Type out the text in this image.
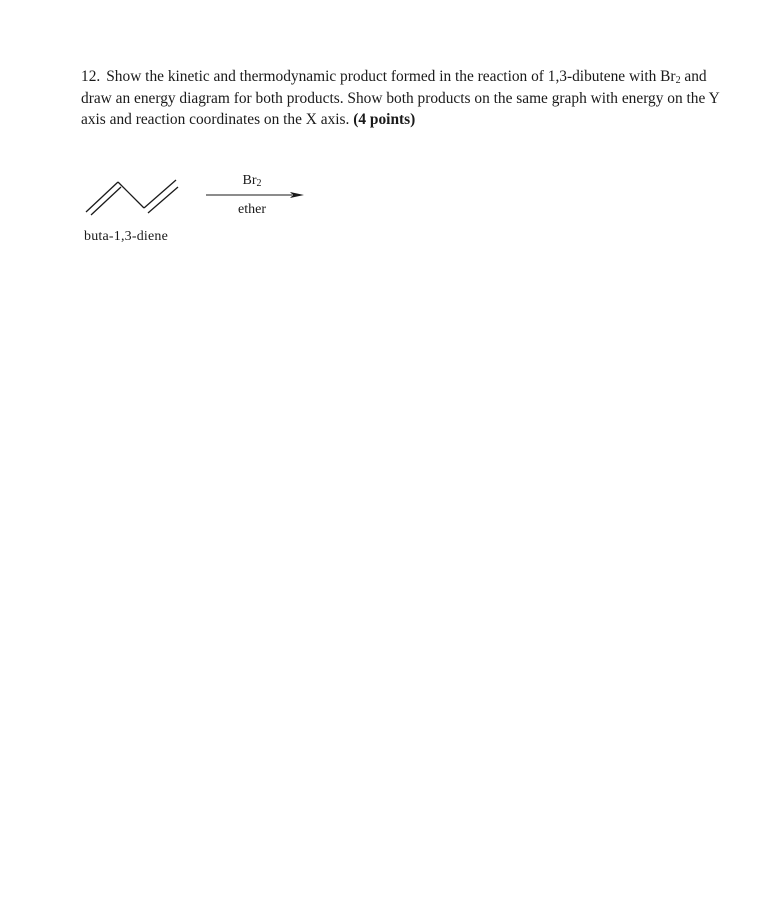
12. Show the kinetic and thermodynamic product formed in the reaction of 1,3-dibutene with $Br_2$ and draw an energy diagram for both products. Show both products on the same graph with energy on the Y axis and reaction coordinates on the X axis. (4 points)
buta-1,3-diene
$Br_2$
ether
